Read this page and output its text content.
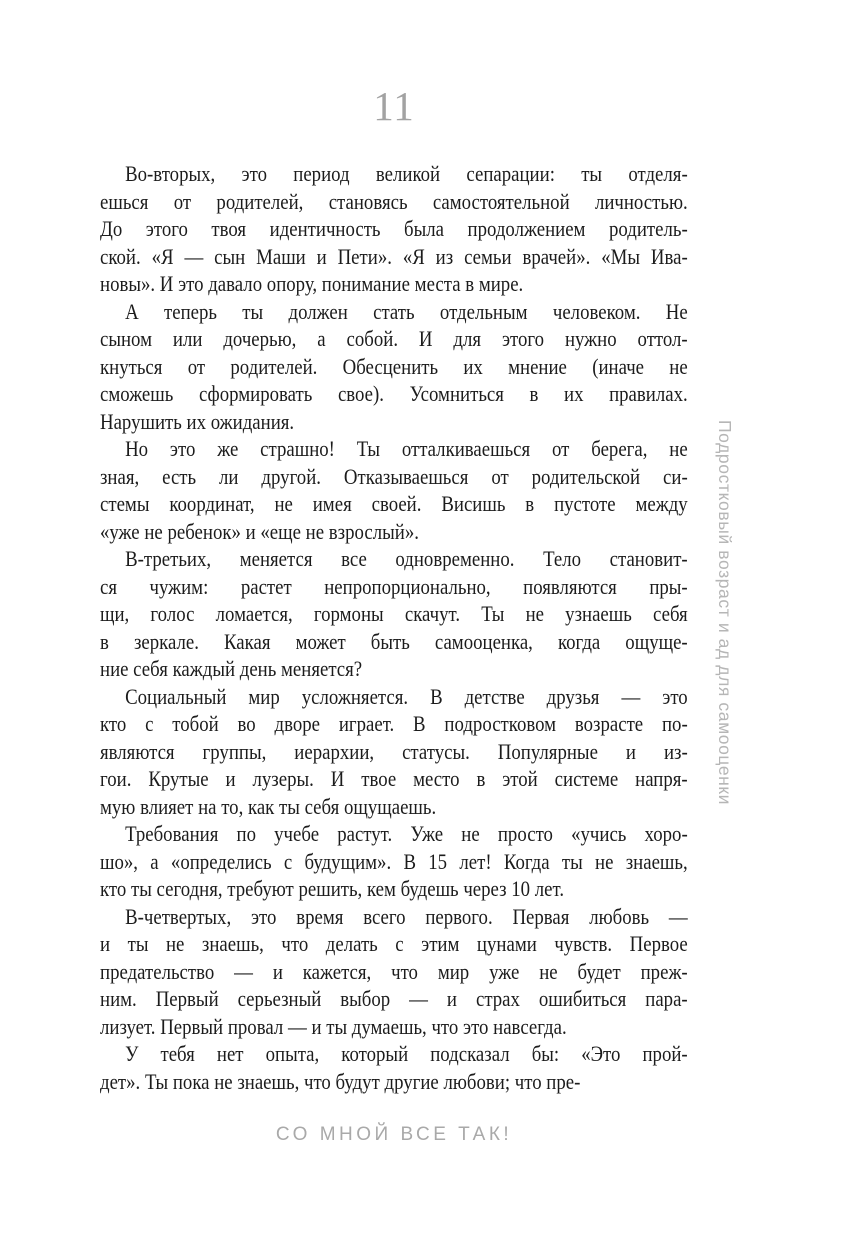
11
Во-вторых, это период великой сепарации: ты отделя-
ешься от родителей, становясь самостоятельной личностью.
До этого твоя идентичность была продолжением родитель-
ской. «Я — сын Маши и Пети». «Я из семьи врачей». «Мы Ива-
новы». И это давало опору, понимание места в мире.
А теперь ты должен стать отдельным человеком. Не
сыном или дочерью, а собой. И для этого нужно оттол-
кнуться от родителей. Обесценить их мнение (иначе не
сможешь сформировать свое). Усомниться в их правилах.
Нарушить их ожидания.
Но это же страшно! Ты отталкиваешься от берега, не
зная, есть ли другой. Отказываешься от родительской си-
стемы координат, не имея своей. Висишь в пустоте между
«уже не ребенок» и «еще не взрослый».
В-третьих, меняется все одновременно. Тело становит-
ся чужим: растет непропорционально, появляются пры-
щи, голос ломается, гормоны скачут. Ты не узнаешь себя
в зеркале. Какая может быть самооценка, когда ощуще-
ние себя каждый день меняется?
Социальный мир усложняется. В детстве друзья — это
кто с тобой во дворе играет. В подростковом возрасте по-
являются группы, иерархии, статусы. Популярные и из-
гои. Крутые и лузеры. И твое место в этой системе напря-
мую влияет на то, как ты себя ощущаешь.
Требования по учебе растут. Уже не просто «учись хоро-
шо», а «определись с будущим». В 15 лет! Когда ты не знаешь,
кто ты сегодня, требуют решить, кем будешь через 10 лет.
В-четвертых, это время всего первого. Первая любовь —
и ты не знаешь, что делать с этим цунами чувств. Первое
предательство — и кажется, что мир уже не будет преж-
ним. Первый серьезный выбор — и страх ошибиться пара-
лизует. Первый провал — и ты думаешь, что это навсегда.
У тебя нет опыта, который подсказал бы: «Это прой-
дет». Ты пока не знаешь, что будут другие любови; что пре-
Подростковый возраст и ад для самооценки
СО МНОЙ ВСЕ ТАК!
